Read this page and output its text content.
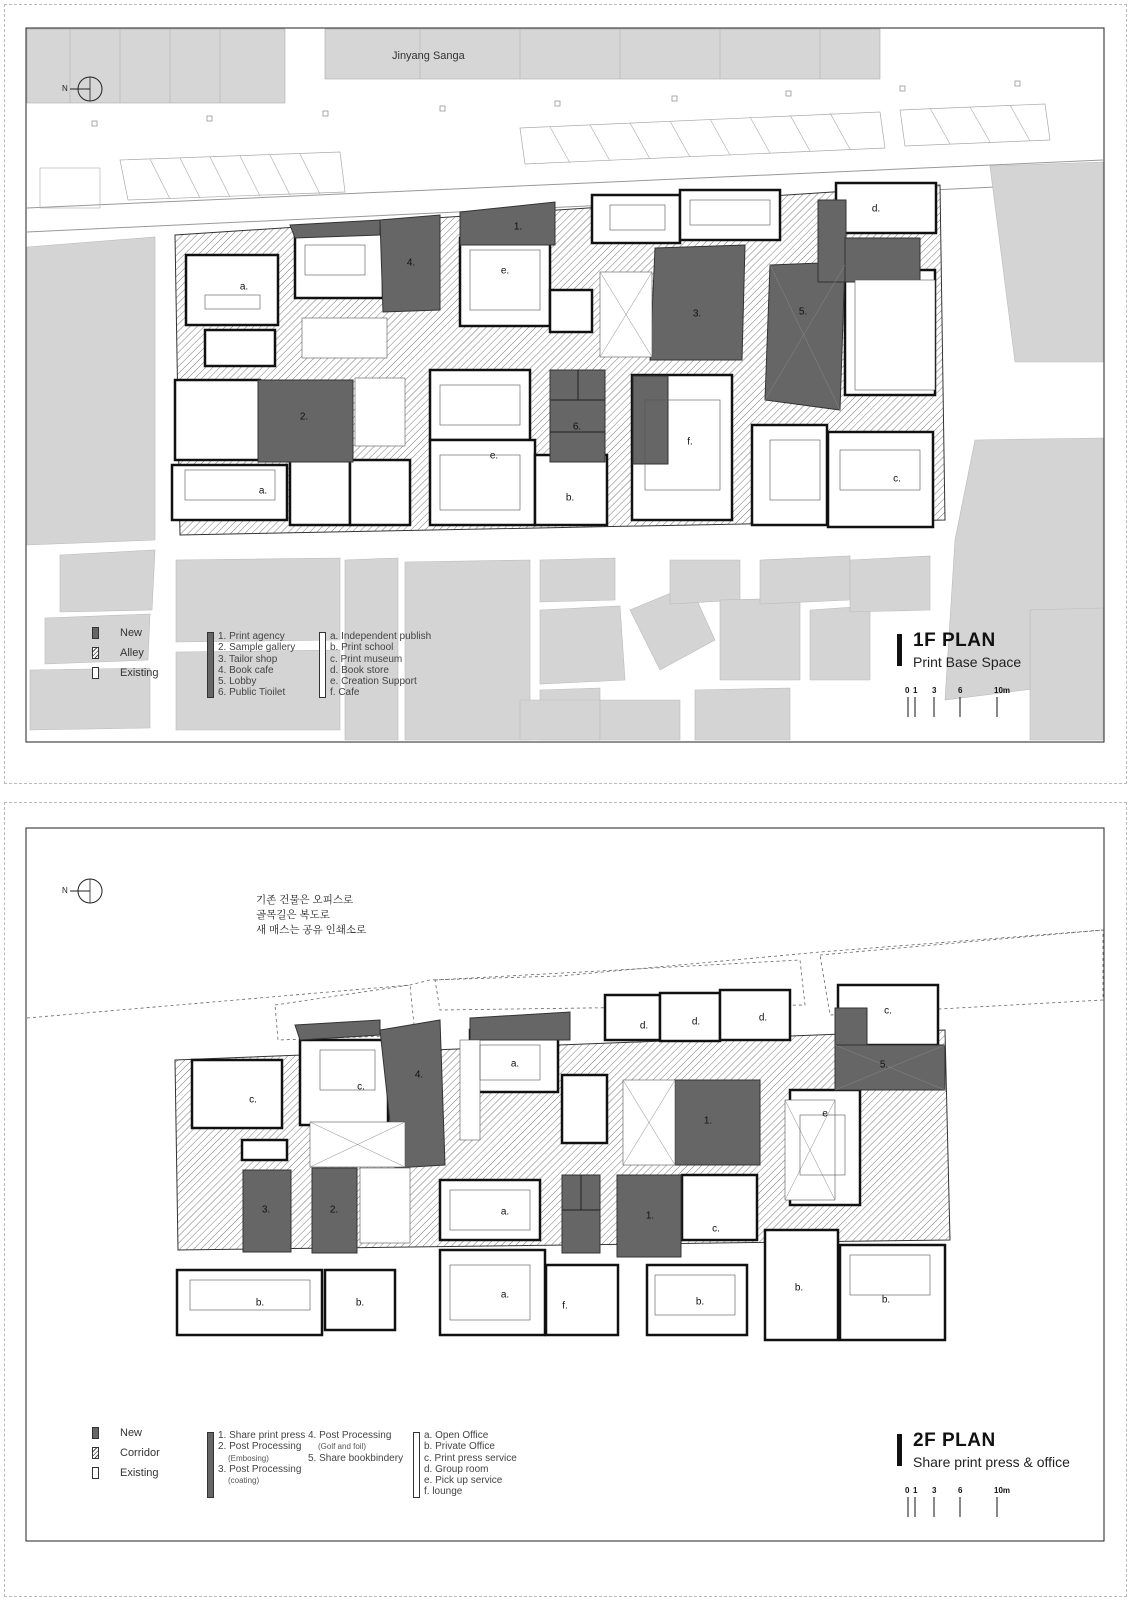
Jinyang Sanga
N
a.
4.
1.
e.
3.
d.
5.
2.
e.
6.
f.
a.
b.
c.
New
Alley
Existing
1. Print agency
2. Sample gallery
3. Tailor shop
4. Book cafe
5. Lobby
6. Public Tioilet
a. Independent publish
b. Print school
c. Print museum
d. Book store
e. Creation Support
f. Cafe
1F PLAN
Print Base Space
0 1 3	6	10m
N
기존 건물은 오피스로
골목길은 복도로
새 매스는 공유 인쇄소로
c.
c.
4.
a.
d.	d.	d.
c.
5.
1.
e
3.	2.	a.	1.
c.
b.	b.
a.
f.	b.
b.
b.
New
Corridor
Existing
1. Share print press
2. Post Processing
(Embosing)
3. Post Processing
(coating)
4. Post Processing
(Golf and foil)
5. Share bookbindery
a. Open Office
b. Private Office
c. Print press service
d. Group room
e. Pick up service
f. lounge
2F PLAN
Share print press & office
0 1 3	6	10m
